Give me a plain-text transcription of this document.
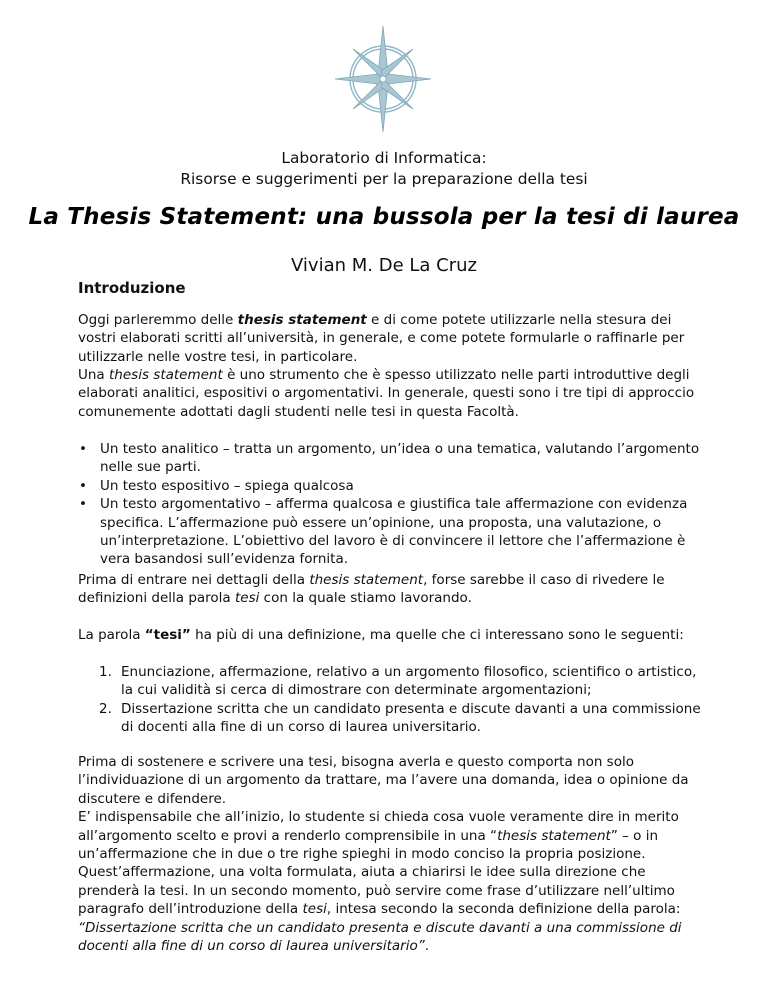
Laboratorio di Informatica:
Risorse e suggerimenti per la preparazione della tesi
La Thesis Statement: una bussola per la tesi di laurea
Vivian M. De La Cruz
Introduzione
Oggi parleremmo delle thesis statement e di come potete utilizzarle nella stesura dei vostri elaborati scritti all’università, in generale, e come potete formularle o raffinarle per utilizzarle nelle vostre tesi, in particolare.
Una thesis statement è uno strumento che è spesso utilizzato nelle parti introduttive degli elaborati analitici, espositivi o argomentativi. In generale, questi sono i tre tipi di approccio comunemente adottati dagli studenti nelle tesi in questa Facoltà.
• Un testo analitico – tratta un argomento, un’idea o una tematica, valutando l’argomento nelle sue parti.
• Un testo espositivo – spiega qualcosa
• Un testo argomentativo – afferma qualcosa e giustifica tale affermazione con evidenza specifica. L’affermazione può essere un’opinione, una proposta, una valutazione, o un’interpretazione. L’obiettivo del lavoro è di convincere il lettore che l’affermazione è vera basandosi sull’evidenza fornita.
Prima di entrare nei dettagli della thesis statement, forse sarebbe il caso di rivedere le definizioni della parola tesi con la quale stiamo lavorando.
La parola “tesi” ha più di una definizione, ma quelle che ci interessano sono le seguenti:
1. Enunciazione, affermazione, relativo a un argomento filosofico, scientifico o artistico, la cui validità si cerca di dimostrare con determinate argomentazioni;
2. Dissertazione scritta che un candidato presenta e discute davanti a una commissione di docenti alla fine di un corso di laurea universitario.
Prima di sostenere e scrivere una tesi, bisogna averla e questo comporta non solo l’individuazione di un argomento da trattare, ma l’avere una domanda, idea o opinione da discutere e difendere.
E’ indispensabile che all’inizio, lo studente si chieda cosa vuole veramente dire in merito all’argomento scelto e provi a renderlo comprensibile in una “thesis statement” – o in un’affermazione che in due o tre righe spieghi in modo conciso la propria posizione. Quest’affermazione, una volta formulata, aiuta a chiarirsi le idee sulla direzione che prenderà la tesi. In un secondo momento, può servire come frase d’utilizzare nell’ultimo paragrafo dell’introduzione della tesi, intesa secondo la seconda definizione della parola: “Dissertazione scritta che un candidato presenta e discute davanti a una commissione di docenti alla fine di un corso di laurea universitario”.
